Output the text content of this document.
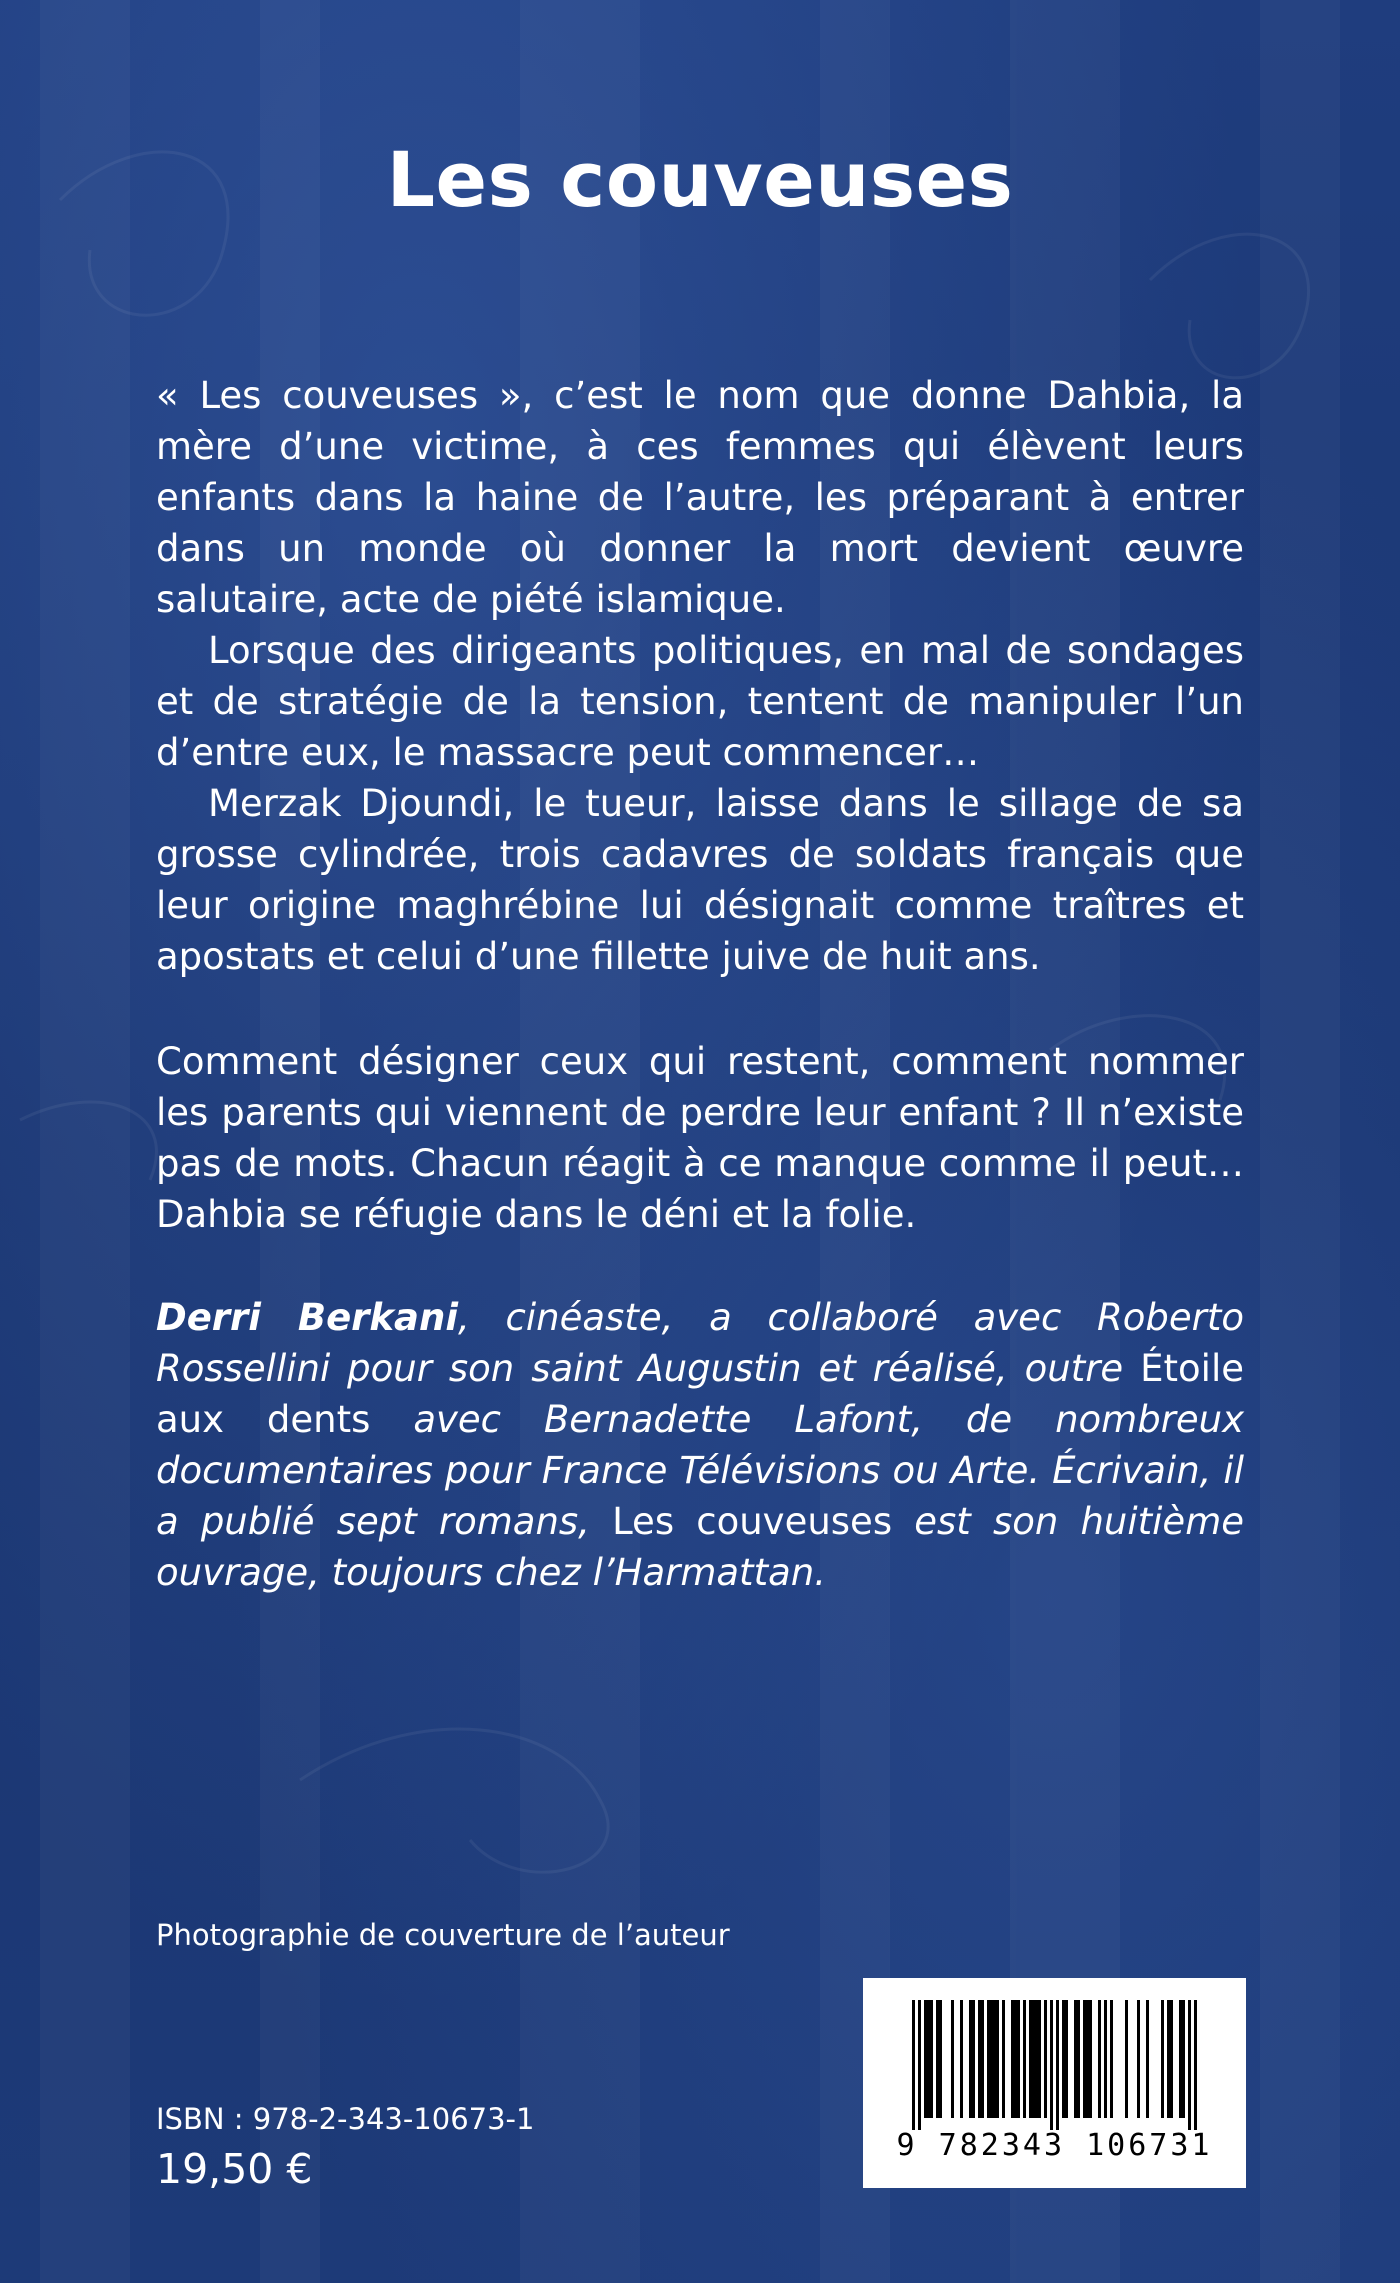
Les couveuses

« Les couveuses », c’est le nom que donne Dahbia, la mère d’une victime, à ces femmes qui élèvent leurs enfants dans la haine de l’autre, les préparant à entrer dans un monde où donner la mort devient œuvre salutaire, acte de piété islamique.

Lorsque des dirigeants politiques, en mal de sondages et de stratégie de la tension, tentent de manipuler l’un d’entre eux, le massacre peut commencer…

Merzak Djoundi, le tueur, laisse dans le sillage de sa grosse cylindrée, trois cadavres de soldats français que leur origine maghrébine lui désignait comme traîtres et apostats et celui d’une fillette juive de huit ans.

Comment désigner ceux qui restent, comment nommer les parents qui viennent de perdre leur enfant ? Il n’existe pas de mots. Chacun réagit à ce manque comme il peut… Dahbia se réfugie dans le déni et la folie.

Derri Berkani, cinéaste, a collaboré avec Roberto Rossellini pour son saint Augustin et réalisé, outre Étoile aux dents avec Bernadette Lafont, de nombreux documentaires pour France Télévisions ou Arte. Écrivain, il a publié sept romans, Les couveuses est son huitième ouvrage, toujours chez l’Harmattan.

Photographie de couverture de l’auteur
ISBN : 978-2-343-10673-1
19,50 €	9 782343 106731
